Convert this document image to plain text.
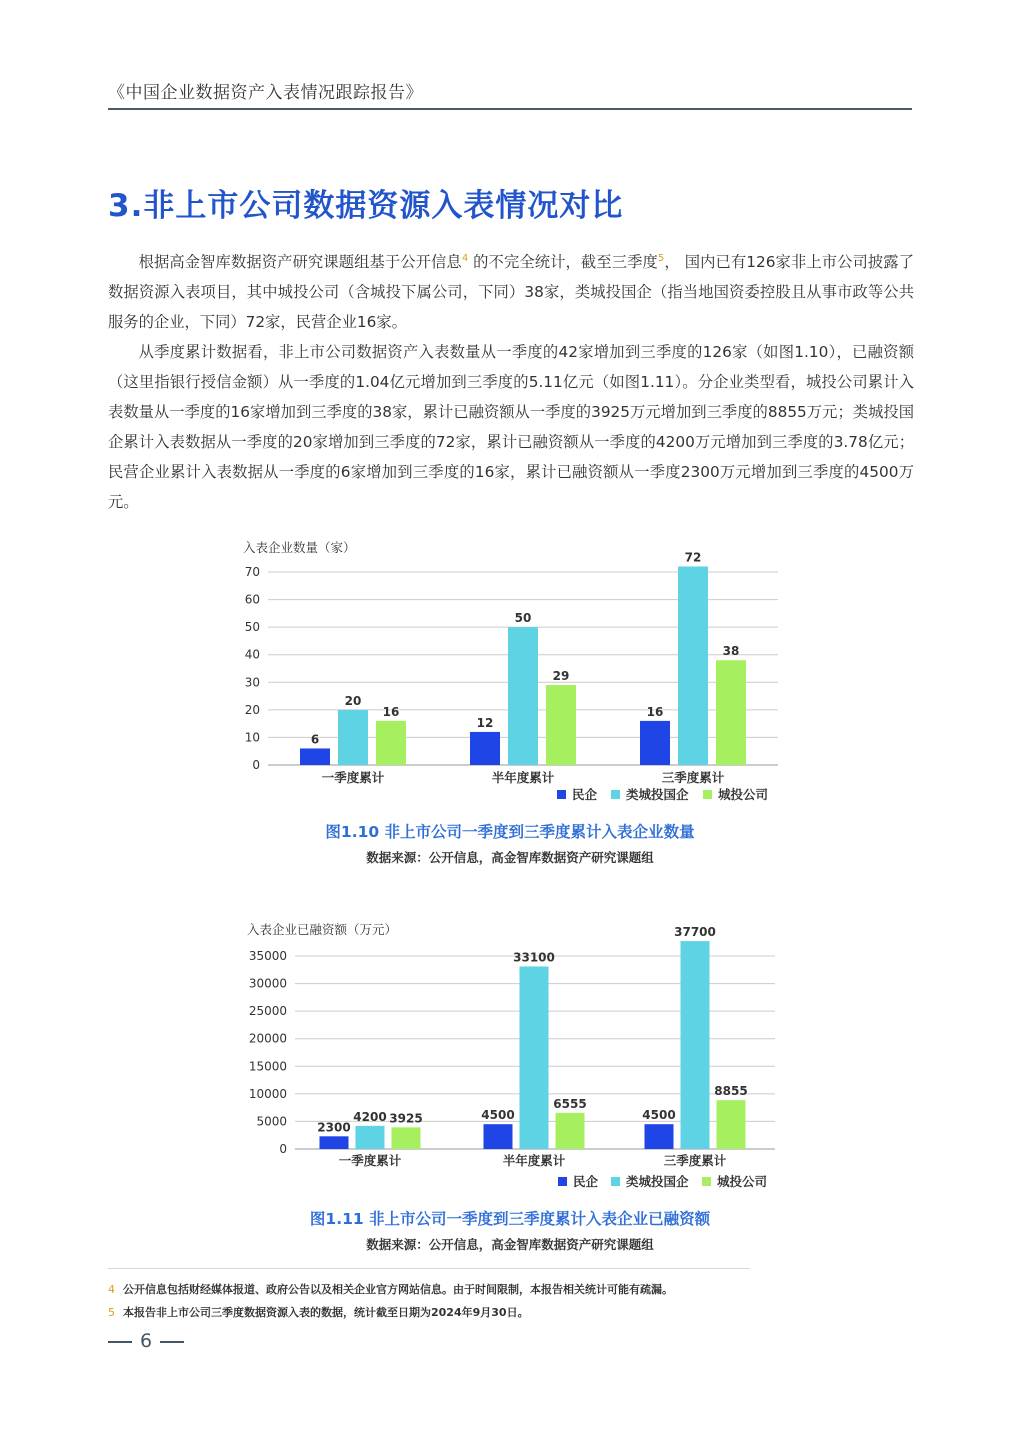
《中国企业数据资产入表情况跟踪报告》
3.非上市公司数据资源入表情况对比

根据高金智库数据资产研究课题组基于公开信息$^4$ 的不完全统计，截至三季度$^5$， 国内已有126家非上市公司披露了数据资源入表项目，其中城投公司（含城投下属公司，下同）38家，类城投国企（指当地国资委控股且从事市政等公共服务的企业，下同）72家，民营企业16家。

从季度累计数据看，非上市公司数据资产入表数量从一季度的42家增加到三季度的126家（如图1.10），已融资额（这里指银行授信金额）从一季度的1.04亿元增加到三季度的5.11亿元（如图1.11）。分企业类型看，城投公司累计入表数量从一季度的16家增加到三季度的38家，累计已融资额从一季度的3925万元增加到三季度的8855万元；类城投国企累计入表数据从一季度的20家增加到三季度的72家，累计已融资额从一季度的4200万元增加到三季度的3.78亿元；民营企业累计入表数据从一季度的6家增加到三季度的16家，累计已融资额从一季度2300万元增加到三季度的4500万元。

入表企业数量（家）
0
10
20
30
40
50
60
70
一季度累计	半年度累计	三季度累计
6
12
16
20
50
72
16
29
38
民企 类城投国企 城投公司
图1.10 非上市公司一季度到三季度累计入表企业数量
数据来源：公开信息，高金智库数据资产研究课题组
入表企业已融资额（万元）
0
5000
10000
15000
20000
25000
30000
35000
一季度累计	半年度累计	三季度累计
2300
4500	4500
4200
33100
37700
3925
6555
8855
民企 类城投国企 城投公司
图1.11 非上市公司一季度到三季度累计入表企业已融资额
数据来源：公开信息，高金智库数据资产研究课题组
4 公开信息包括财经媒体报道、政府公告以及相关企业官方网站信息。由于时间限制，本报告相关统计可能有疏漏。
5 本报告非上市公司三季度数据资源入表的数据，统计截至日期为2024年9月30日。
6
